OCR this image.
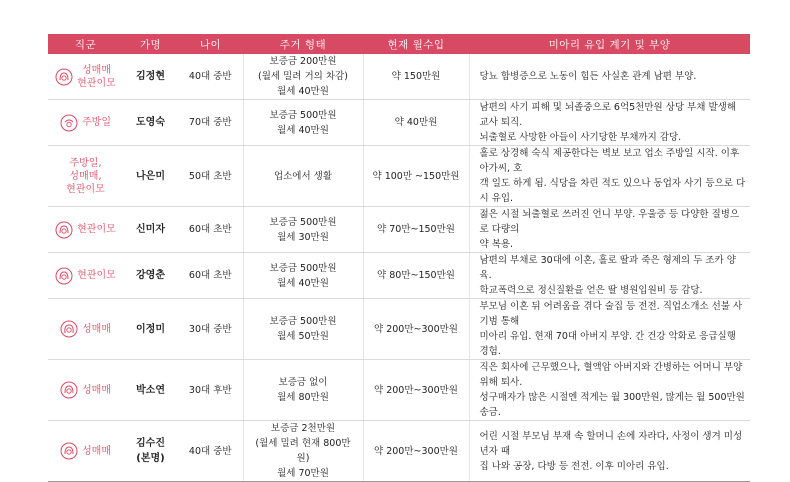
직군	가명	나이	주거 형태	현재 월수입	미아리 유입 계기 및 부양

성매매
현관이모	김정현	40대 중반	보증금 200만원
(월세 밀려 거의 차감)
월세 40만원	약 150만원	당뇨 합병증으로 노동이 힘든 사실혼 관계 남편 부양.

주방일	도영숙	70대 중반	보증금 500만원
월세 40만원	약 40만원	남편의 사기 피해 및 뇌졸중으로 6억5천만원 상당 부채 발생해 교사 퇴직.
뇌출혈로 사망한 아들이 사기당한 부채까지 감당.

주방일,
성매매,
현관이모	나은미	50대 초반	업소에서 생활	약 100만 ~150만원	홀로 상경해 숙식 제공한다는 벽보 보고 업소 주방일 시작. 이후 아가씨, 호
객 일도 하게 됨. 식당을 차린 적도 있으나 동업자 사기 등으로 다시 유입.

현관이모	신미자	60대 초반	보증금 500만원
월세 30만원	약 70만~150만원	젊은 시절 뇌출혈로 쓰러진 언니 부양. 우울증 등 다양한 질병으로 다량의
약 복용.

현관이모	강영춘	60대 초반	보증금 500만원
월세 40만원	약 80만~150만원	남편의 부채로 30대에 이혼, 홀로 딸과 죽은 형제의 두 조카 양육.
학교폭력으로 정신질환을 얻은 딸 병원입원비 등 감당.

성매매	이정미	30대 중반	보증금 500만원
월세 50만원	약 200만~300만원	부모님 이혼 뒤 어려움을 겪다 술집 등 전전. 직업소개소 선불 사기범 통해
미아리 유입. 현재 70대 아버지 부양. 간 건강 악화로 응급실행 경험.

성매매	박소연	30대 후반	보증금 없이
월세 80만원	약 200만~300만원	직은 회사에 근무했으나, 혈액암 아버지와 간병하는 어머니 부양 위해 퇴사.
성구매자가 많은 시절엔 적게는 월 300만원, 많게는 월 500만원 송금.

성매매	김수진
(본명)	40대 중반	보증금 2천만원
(월세 밀려 현재 800만원)
월세 70만원	약 200만~300만원	어린 시절 부모님 부재 속 할머니 손에 자라다, 사정이 생겨 미성년자 때
집 나와 공장, 다방 등 전전. 이후 미아리 유입.
